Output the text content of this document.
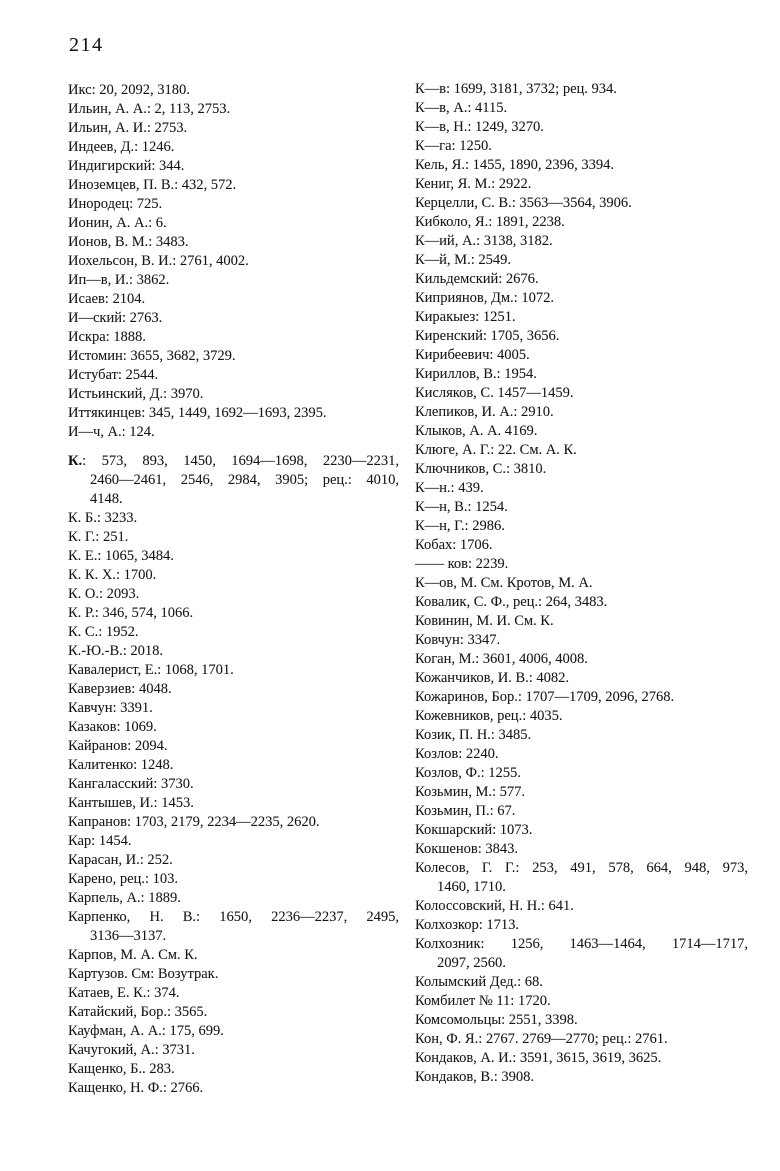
214
Икс: 20, 2092, 3180.
Ильин, А. А.: 2, 113, 2753.
Ильин, А. И.: 2753.
Индеев, Д.: 1246.
Индигирский: 344.
Иноземцев, П. В.: 432, 572.
Инородец: 725.
Ионин, А. А.: 6.
Ионов, В. М.: 3483.
Иохельсон, В. И.: 2761, 4002.
Ип—в, И.: 3862.
Исаев: 2104.
И—ский: 2763.
Искра: 1888.
Истомин: 3655, 3682, 3729.
Истубат: 2544.
Истьинский, Д.: 3970.
Иттякинцев: 345, 1449, 1692—1693, 2395.
И—ч, А.: 124.
К.: 573, 893, 1450, 1694—1698, 2230—2231,
2460—2461, 2546, 2984, 3905; рец.: 4010,
4148.
К. Б.: 3233.
К. Г.: 251.
К. Е.: 1065, 3484.
К. К. Х.: 1700.
К. О.: 2093.
К. Р.: 346, 574, 1066.
К. С.: 1952.
К.-Ю.-В.: 2018.
Кавалерист, Е.: 1068, 1701.
Каверзиев: 4048.
Кавчун: 3391.
Казаков: 1069.
Кайранов: 2094.
Калитенко: 1248.
Кангаласский: 3730.
Кантышев, И.: 1453.
Капранов: 1703, 2179, 2234—2235, 2620.
Кар: 1454.
Карасан, И.: 252.
Карено, рец.: 103.
Карпель, А.: 1889.
Карпенко, Н. В.: 1650, 2236—2237, 2495,
3136—3137.
Карпов, М. А. См. К.
Картузов. См: Возутрак.
Катаев, Е. К.: 374.
Катайский, Бор.: 3565.
Кауфман, А. А.: 175, 699.
Качугокий, А.: 3731.
Кащенко, Б.. 283.
Кащенко, Н. Ф.: 2766.
К—в: 1699, 3181, 3732; рец. 934.
К—в, А.: 4115.
К—в, Н.: 1249, 3270.
К—га: 1250.
Кель, Я.: 1455, 1890, 2396, 3394.
Кениг, Я. М.: 2922.
Керцелли, С. В.: 3563—3564, 3906.
Кибколо, Я.: 1891, 2238.
К—ий, А.: 3138, 3182.
К—й, М.: 2549.
Кильдемский: 2676.
Киприянов, Дм.: 1072.
Киракыез: 1251.
Киренский: 1705, 3656.
Кирибеевич: 4005.
Кириллов, В.: 1954.
Кисляков, С. 1457—1459.
Клепиков, И. А.: 2910.
Клыков, А. А. 4169.
Клюге, А. Г.: 22. См. А. К.
Ключников, С.: 3810.
К—н.: 439.
К—н, В.: 1254.
К—н, Г.: 2986.
Кобах: 1706.
—— ков: 2239.
К—ов, М. См. Кротов, М. А.
Ковалик, С. Ф., рец.: 264, 3483.
Ковинин, М. И. См. К.
Ковчун: 3347.
Коган, М.: 3601, 4006, 4008.
Кожанчиков, И. В.: 4082.
Кожаринов, Бор.: 1707—1709, 2096, 2768.
Кожевников, рец.: 4035.
Козик, П. Н.: 3485.
Козлов: 2240.
Козлов, Ф.: 1255.
Козьмин, М.: 577.
Козьмин, П.: 67.
Кокшарский: 1073.
Кокшенов: 3843.
Колесов, Г. Г.: 253, 491, 578, 664, 948, 973,
1460, 1710.
Колоссовский, Н. Н.: 641.
Колхозкор: 1713.
Колхозник: 1256, 1463—1464, 1714—1717,
2097, 2560.
Колымский Дед.: 68.
Комбилет № 11: 1720.
Комсомольцы: 2551, 3398.
Кон, Ф. Я.: 2767. 2769—2770; рец.: 2761.
Кондаков, А. И.: 3591, 3615, 3619, 3625.
Кондаков, В.: 3908.
